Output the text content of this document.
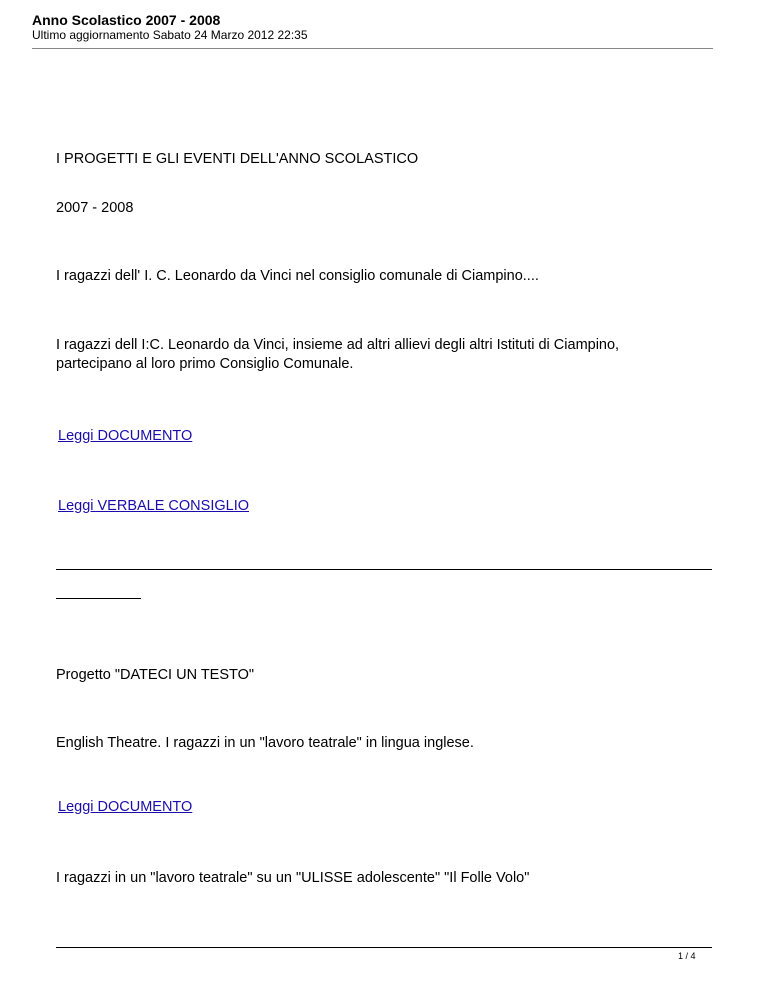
Anno Scolastico 2007 - 2008
Ultimo aggiornamento Sabato 24 Marzo 2012 22:35
I PROGETTI E GLI EVENTI DELL'ANNO SCOLASTICO
2007 - 2008
I ragazzi dell' I. C. Leonardo da Vinci nel consiglio comunale di Ciampino....
I ragazzi dell I:C. Leonardo da Vinci, insieme ad altri allievi degli altri Istituti di Ciampino,
partecipano al loro primo Consiglio Comunale.
Leggi DOCUMENTO
Leggi VERBALE CONSIGLIO
Progetto "DATECI UN TESTO"
English Theatre. I ragazzi in un "lavoro teatrale" in lingua inglese.
Leggi DOCUMENTO
I ragazzi in un "lavoro teatrale" su un "ULISSE adolescente" "Il Folle Volo"
1 / 4
